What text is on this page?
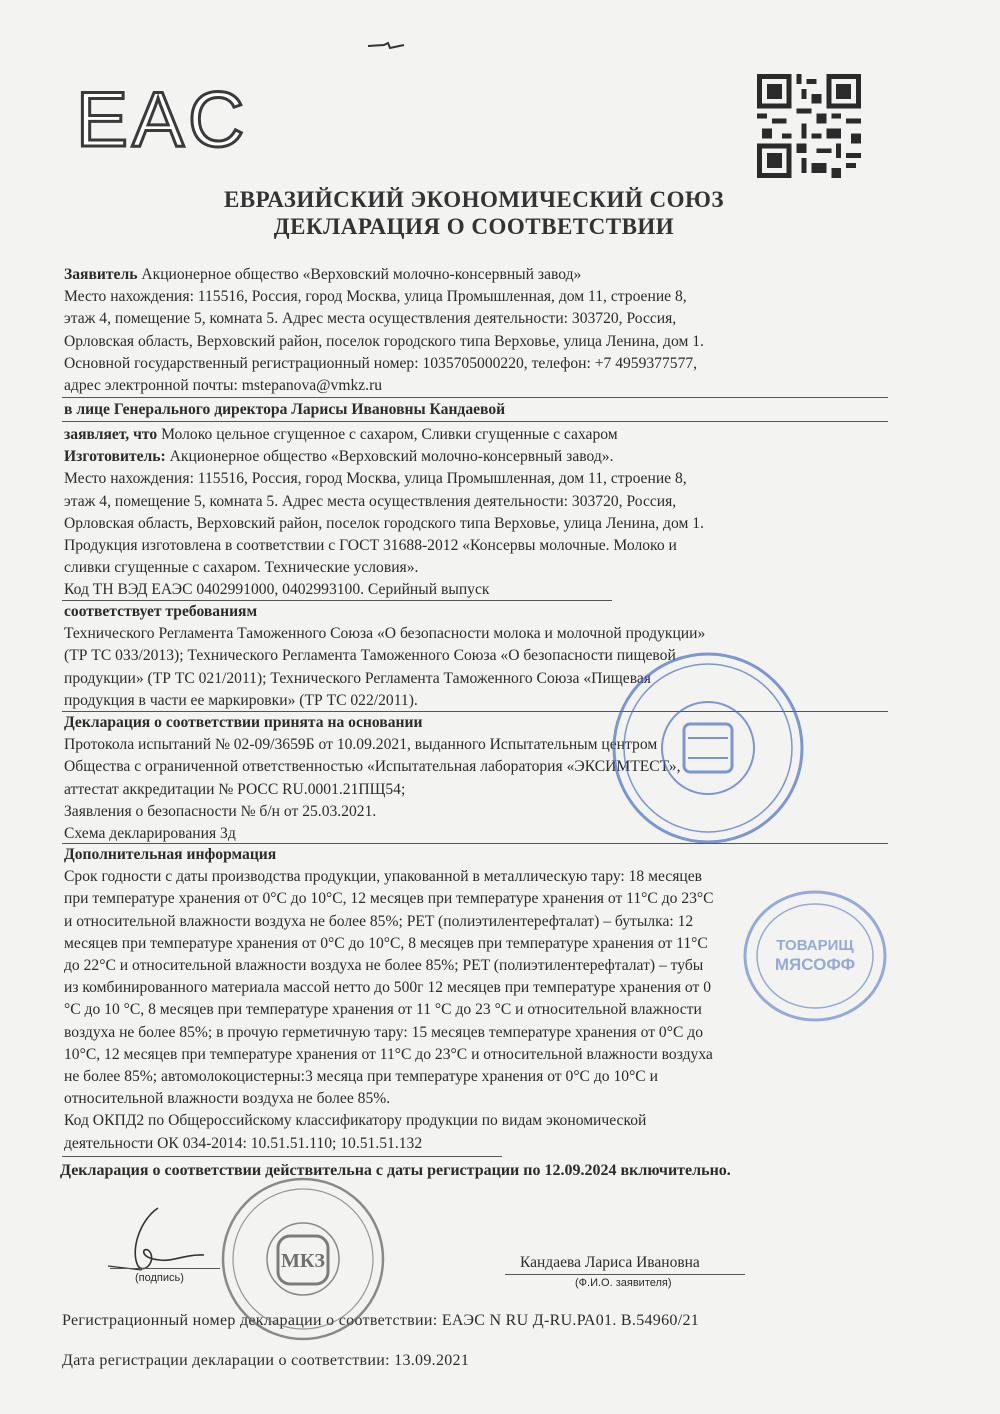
EAC
ЕВРАЗИЙСКИЙ ЭКОНОМИЧЕСКИЙ СОЮЗ
ДЕКЛАРАЦИЯ О СООТВЕТСТВИИ

Заявитель Акционерное общество «Верховский молочно-консервный завод»

Место нахождения: 115516, Россия, город Москва, улица Промышленная, дом 11, строение 8,

этаж 4, помещение 5, комната 5. Адрес места осуществления деятельности: 303720, Россия,

Орловская область, Верховский район, поселок городского типа Верховье, улица Ленина, дом 1.

Основной государственный регистрационный номер: 1035705000220, телефон: +7 4959377577,

адрес электронной почты: mstepanova@vmkz.ru

в лице Генерального директора Ларисы Ивановны Кандаевой

заявляет, что Молоко цельное сгущенное с сахаром, Сливки сгущенные с сахаром

Изготовитель: Акционерное общество «Верховский молочно-консервный завод».

Место нахождения: 115516, Россия, город Москва, улица Промышленная, дом 11, строение 8,

этаж 4, помещение 5, комната 5. Адрес места осуществления деятельности: 303720, Россия,

Орловская область, Верховский район, поселок городского типа Верховье, улица Ленина, дом 1.

Продукция изготовлена в соответствии с ГОСТ 31688-2012 «Консервы молочные. Молоко и

сливки сгущенные с сахаром. Технические условия».

Код ТН ВЭД ЕАЭС 0402991000, 0402993100. Серийный выпуск

соответствует требованиям

Технического Регламента Таможенного Союза «О безопасности молока и молочной продукции»

(ТР ТС 033/2013); Технического Регламента Таможенного Союза «О безопасности пищевой

продукции» (ТР ТС 021/2011); Технического Регламента Таможенного Союза «Пищевая

продукция в части ее маркировки» (ТР ТС 022/2011).

Декларация о соответствии принята на основании

Протокола испытаний № 02-09/3659Б от 10.09.2021, выданного Испытательным центром

Общества с ограниченной ответственностью «Испытательная лаборатория «ЭКСИМТЕСТ»,

аттестат аккредитации № РОСС RU.0001.21ПЩ54;

Заявления о безопасности № б/н от 25.03.2021.

Схема декларирования 3д

Дополнительная информация

Срок годности с даты производства продукции, упакованной в металлическую тару: 18 месяцев

при температуре хранения от 0°С до 10°С, 12 месяцев при температуре хранения от 11°С до 23°С

и относительной влажности воздуха не более 85%; PET (полиэтилентерефталат) – бутылка: 12

месяцев при температуре хранения от 0°С до 10°С, 8 месяцев при температуре хранения от 11°С

до 22°С и относительной влажности воздуха не более 85%; PET (полиэтилентерефталат) – тубы

из комбинированного материала массой нетто до 500г 12 месяцев при температуре хранения от 0

°С до 10 °С, 8 месяцев при температуре хранения от 11 °С до 23 °С и относительной влажности

воздуха не более 85%; в прочую герметичную тару: 15 месяцев температуре хранения от 0°С до

10°С, 12 месяцев при температуре хранения от 11°С до 23°С и относительной влажности воздуха

не более 85%; автомолокоцистерны:3 месяца при температуре хранения от 0°С до 10°С и

относительной влажности воздуха не более 85%.

Код ОКПД2 по Общероссийскому классификатору продукции по видам экономической

деятельности ОК 034-2014: 10.51.51.110; 10.51.51.132

Декларация о соответствии действительна с даты регистрации по 12.09.2024 включительно.

(подпись)
Кандаева Лариса Ивановна
(Ф.И.О. заявителя)
Регистрационный номер декларации о соответствии: ЕАЭС N RU Д-RU.РА01. В.54960/21
Дата регистрации декларации о соответствии: 13.09.2021
ТОВАРИЩ
МЯСОФФ
МКЗ
